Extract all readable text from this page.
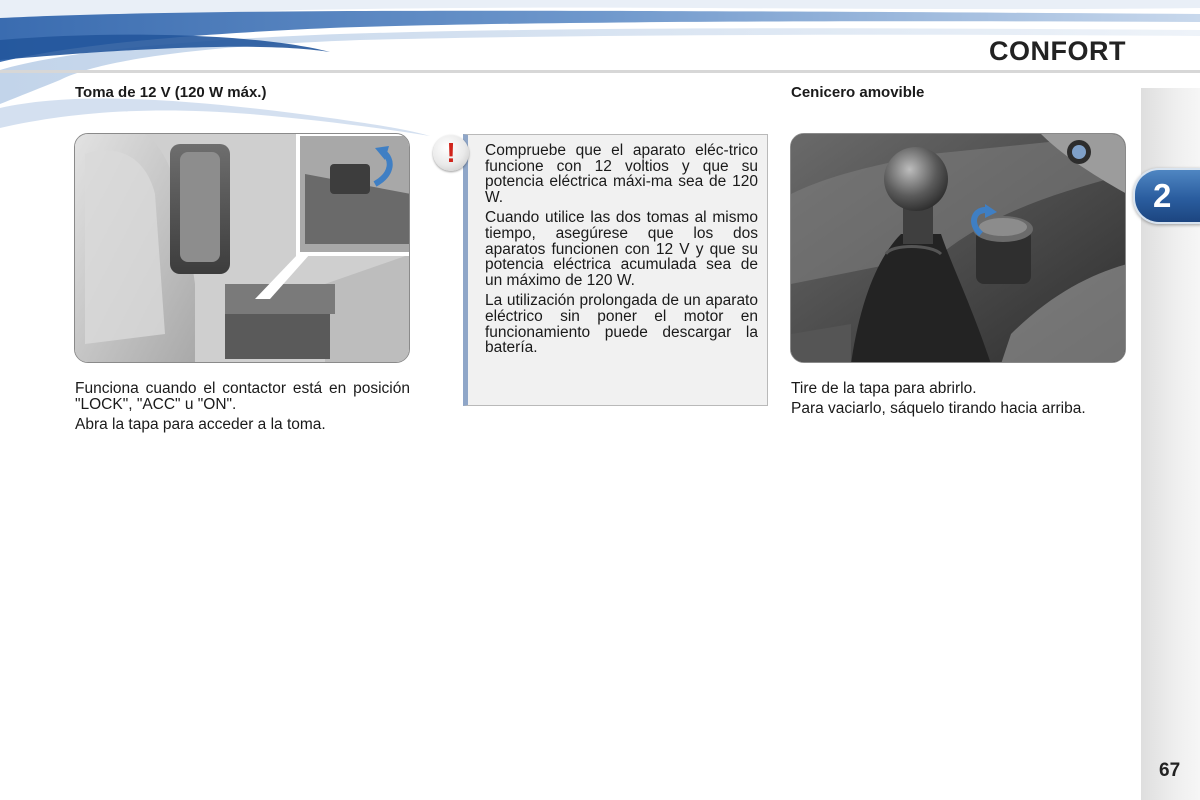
CONFORT
2
Toma de 12 V (120 W máx.)

Funciona cuando el contactor está en posición "LOCK", "ACC" u "ON".

Abra la tapa para acceder a la toma.

!	Compruebe que el aparato eléc-trico funcione con 12 voltios y que su potencia eléctrica máxi-ma sea de 120 W.

Cuando utilice las dos tomas al mismo tiempo, asegúrese que los dos aparatos funcionen con 12 V y que su potencia eléctrica acumulada sea de un máximo de 120 W.

La utilización prolongada de un aparato eléctrico sin poner el motor en funcionamiento puede descargar la batería.

Cenicero amovible

Tire de la tapa para abrirlo.

Para vaciarlo, sáquelo tirando hacia arriba.

67
